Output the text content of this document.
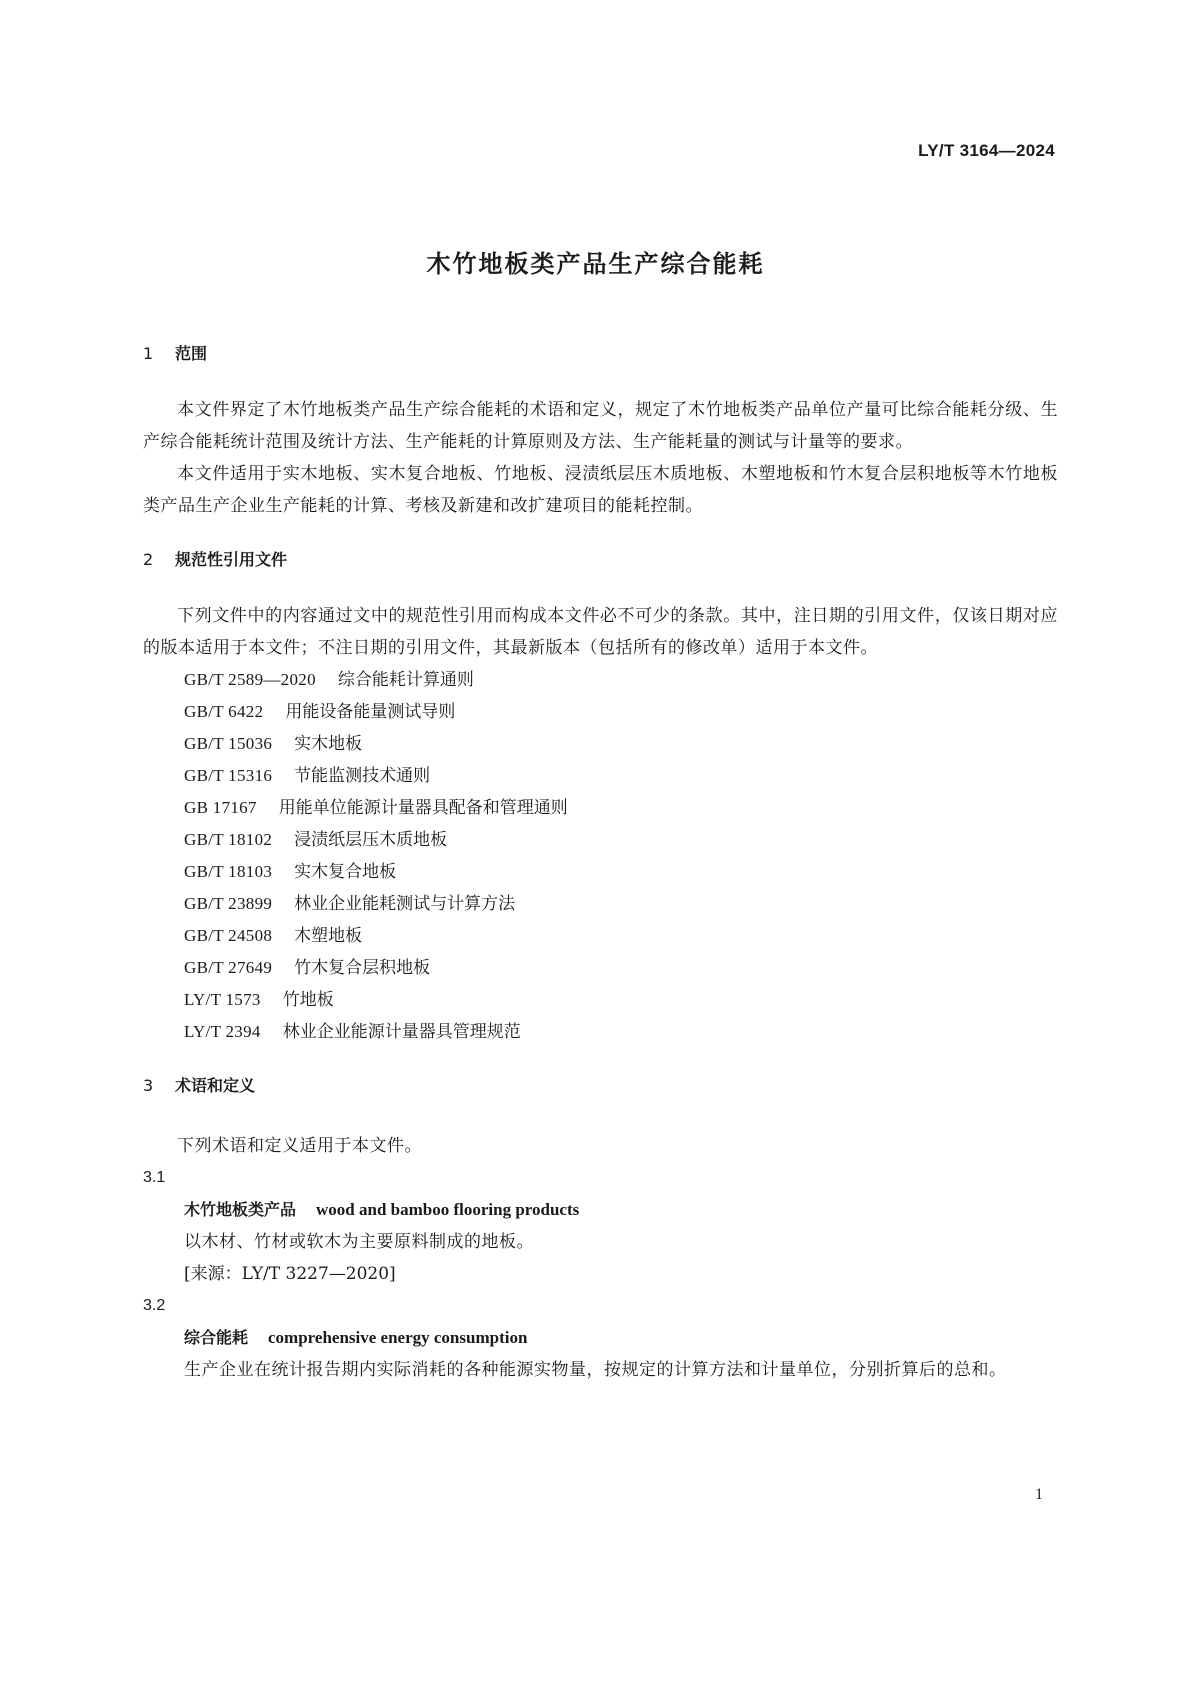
LY/T 3164—2024
木竹地板类产品生产综合能耗
1 范围

本文件界定了木竹地板类产品生产综合能耗的术语和定义，规定了木竹地板类产品单位产量可比综合能耗分级、生产综合能耗统计范围及统计方法、生产能耗的计算原则及方法、生产能耗量的测试与计量等的要求。

本文件适用于实木地板、实木复合地板、竹地板、浸渍纸层压木质地板、木塑地板和竹木复合层积地板等木竹地板类产品生产企业生产能耗的计算、考核及新建和改扩建项目的能耗控制。

2 规范性引用文件

下列文件中的内容通过文中的规范性引用而构成本文件必不可少的条款。其中，注日期的引用文件，仅该日期对应的版本适用于本文件；不注日期的引用文件，其最新版本（包括所有的修改单）适用于本文件。

GB/T 2589—2020 综合能耗计算通则
GB/T 6422 用能设备能量测试导则
GB/T 15036 实木地板
GB/T 15316 节能监测技术通则
GB 17167 用能单位能源计量器具配备和管理通则
GB/T 18102 浸渍纸层压木质地板
GB/T 18103 实木复合地板
GB/T 23899 林业企业能耗测试与计算方法
GB/T 24508 木塑地板
GB/T 27649 竹木复合层积地板
LY/T 1573 竹地板
LY/T 2394 林业企业能源计量器具管理规范
3 术语和定义

下列术语和定义适用于本文件。

3.1
木竹地板类产品 wood and bamboo flooring products

以木材、竹材或软木为主要原料制成的地板。

[来源：LY/T 3227—2020]
3.2
综合能耗 comprehensive energy consumption

生产企业在统计报告期内实际消耗的各种能源实物量，按规定的计算方法和计量单位，分别折算后的总和。

1
